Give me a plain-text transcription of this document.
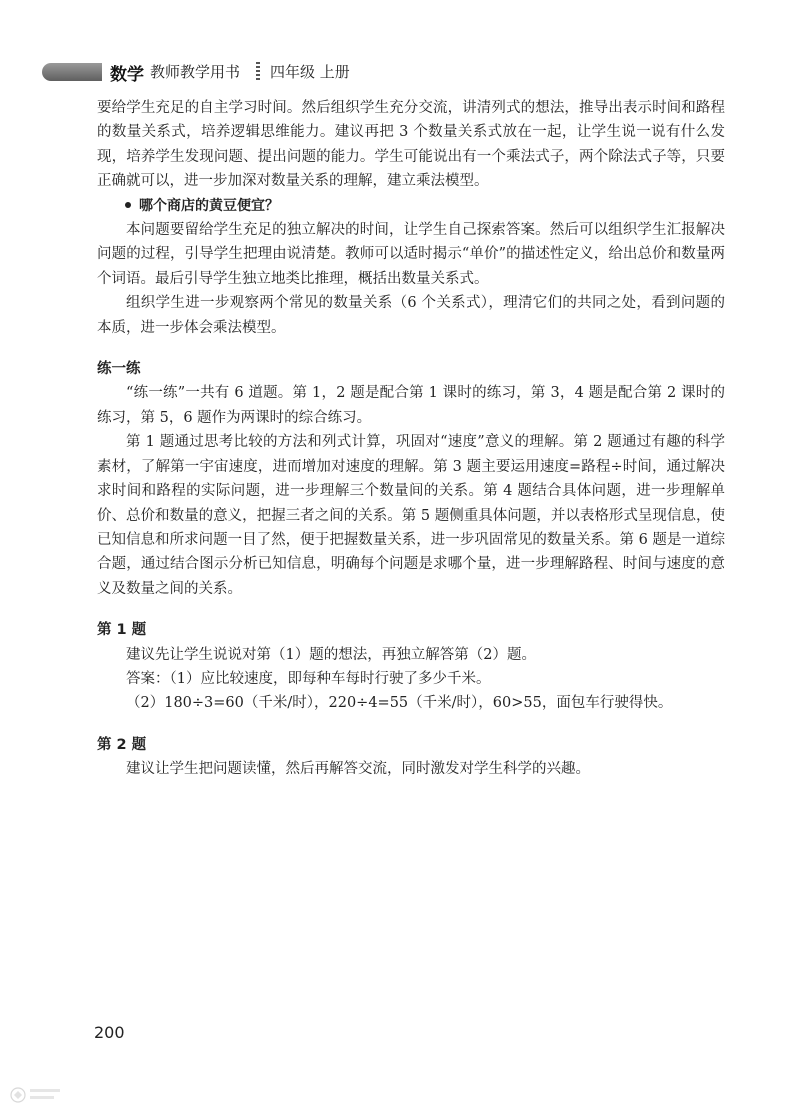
数学 教师教学用书 四年级 上册

要给学生充足的自主学习时间。然后组织学生充分交流，讲清列式的想法，推导出表示时间和路程的数量关系式，培养逻辑思维能力。建议再把 3 个数量关系式放在一起，让学生说一说有什么发现，培养学生发现问题、提出问题的能力。学生可能说出有一个乘法式子，两个除法式子等，只要正确就可以，进一步加深对数量关系的理解，建立乘法模型。

哪个商店的黄豆便宜？

本问题要留给学生充足的独立解决的时间，让学生自己探索答案。然后可以组织学生汇报解决问题的过程，引导学生把理由说清楚。教师可以适时揭示“单价”的描述性定义，给出总价和数量两个词语。最后引导学生独立地类比推理，概括出数量关系式。

组织学生进一步观察两个常见的数量关系（6 个关系式），理清它们的共同之处，看到问题的本质，进一步体会乘法模型。

练一练

“练一练”一共有 6 道题。第 1，2 题是配合第 1 课时的练习，第 3，4 题是配合第 2 课时的练习，第 5，6 题作为两课时的综合练习。

第 1 题通过思考比较的方法和列式计算，巩固对“速度”意义的理解。第 2 题通过有趣的科学素材，了解第一宇宙速度，进而增加对速度的理解。第 3 题主要运用速度=路程÷时间，通过解决求时间和路程的实际问题，进一步理解三个数量间的关系。第 4 题结合具体问题，进一步理解单价、总价和数量的意义，把握三者之间的关系。第 5 题侧重具体问题，并以表格形式呈现信息，使已知信息和所求问题一目了然，便于把握数量关系，进一步巩固常见的数量关系。第 6 题是一道综合题，通过结合图示分析已知信息，明确每个问题是求哪个量，进一步理解路程、时间与速度的意义及数量之间的关系。

第 1 题

建议先让学生说说对第（1）题的想法，再独立解答第（2）题。

答案：（1）应比较速度，即每种车每时行驶了多少千米。

（2）180÷3=60（千米/时），220÷4=55（千米/时），60>55，面包车行驶得快。

第 2 题

建议让学生把问题读懂，然后再解答交流，同时激发对学生科学的兴趣。

200
